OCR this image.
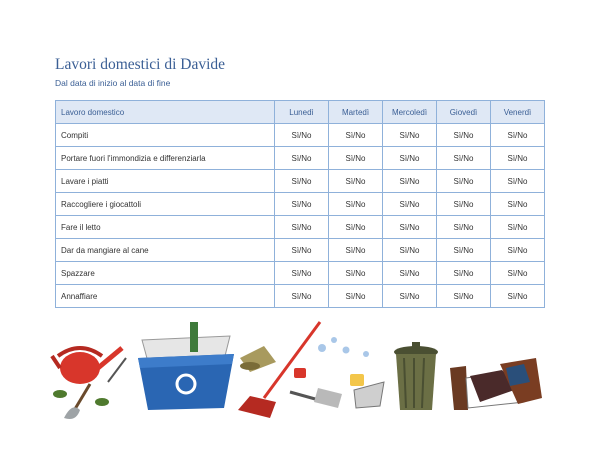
Lavori domestici di Davide
Dal data di inizio al data di fine
Lavoro domestico	Lunedì	Martedì	Mercoledì	Giovedì	Venerdì
Compiti	Sì/No	Sì/No	Sì/No	Sì/No	Sì/No
Portare fuori l'immondizia e differenziarla	Sì/No	Sì/No	Sì/No	Sì/No	Sì/No
Lavare i piatti	Sì/No	Sì/No	Sì/No	Sì/No	Sì/No
Raccogliere i giocattoli	Sì/No	Sì/No	Sì/No	Sì/No	Sì/No
Fare il letto	Sì/No	Sì/No	Sì/No	Sì/No	Sì/No
Dar da mangiare al cane	Sì/No	Sì/No	Sì/No	Sì/No	Sì/No
Spazzare	Sì/No	Sì/No	Sì/No	Sì/No	Sì/No
Annaffiare	Sì/No	Sì/No	Sì/No	Sì/No	Sì/No
